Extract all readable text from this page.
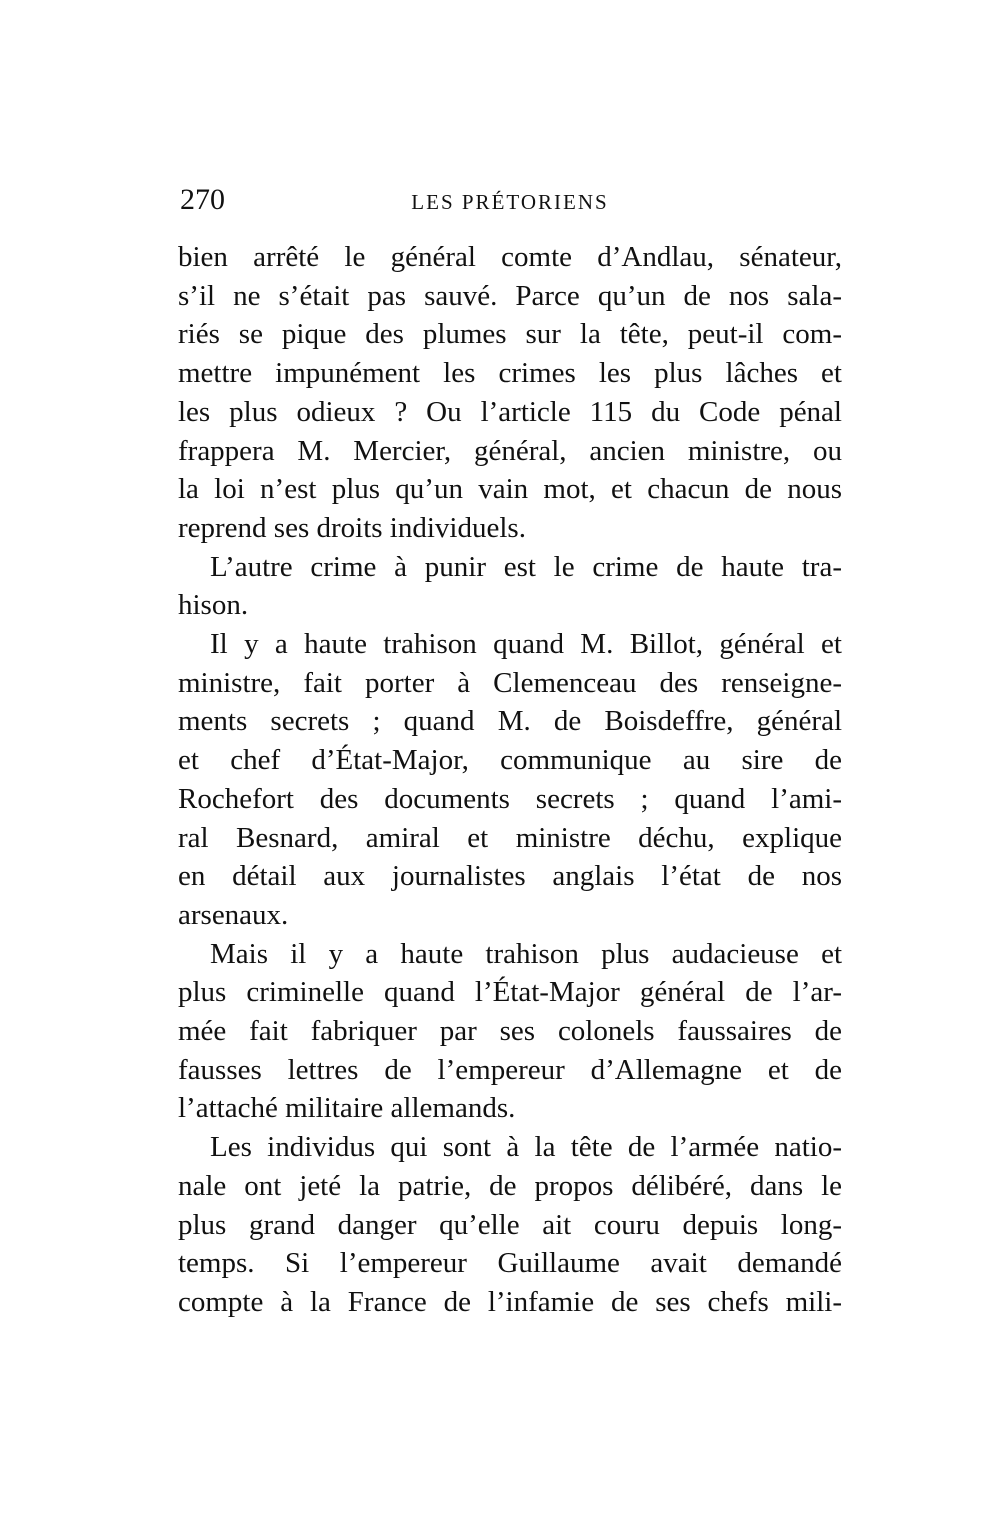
270	LES PRÉTORIENS

bien arrêté le général comte d’Andlau, sénateur,
s’il ne s’était pas sauvé. Parce qu’un de nos sala-
riés se pique des plumes sur la tête, peut-il com-
mettre impunément les crimes les plus lâches et
les plus odieux ? Ou l’article 115 du Code pénal
frappera M. Mercier, général, ancien ministre, ou
la loi n’est plus qu’un vain mot, et chacun de nous
reprend ses droits individuels.

L’autre crime à punir est le crime de haute tra-
hison.

Il y a haute trahison quand M. Billot, général et
ministre, fait porter à Clemenceau des renseigne-
ments secrets ; quand M. de Boisdeffre, général
et chef d’État-Major, communique au sire de
Rochefort des documents secrets ; quand l’ami-
ral Besnard, amiral et ministre déchu, explique
en détail aux journalistes anglais l’état de nos
arsenaux.

Mais il y a haute trahison plus audacieuse et
plus criminelle quand l’État-Major général de l’ar-
mée fait fabriquer par ses colonels faussaires de
fausses lettres de l’empereur d’Allemagne et de
l’attaché militaire allemands.

Les individus qui sont à la tête de l’armée natio-
nale ont jeté la patrie, de propos délibéré, dans le
plus grand danger qu’elle ait couru depuis long-
temps. Si l’empereur Guillaume avait demandé
compte à la France de l’infamie de ses chefs mili-
